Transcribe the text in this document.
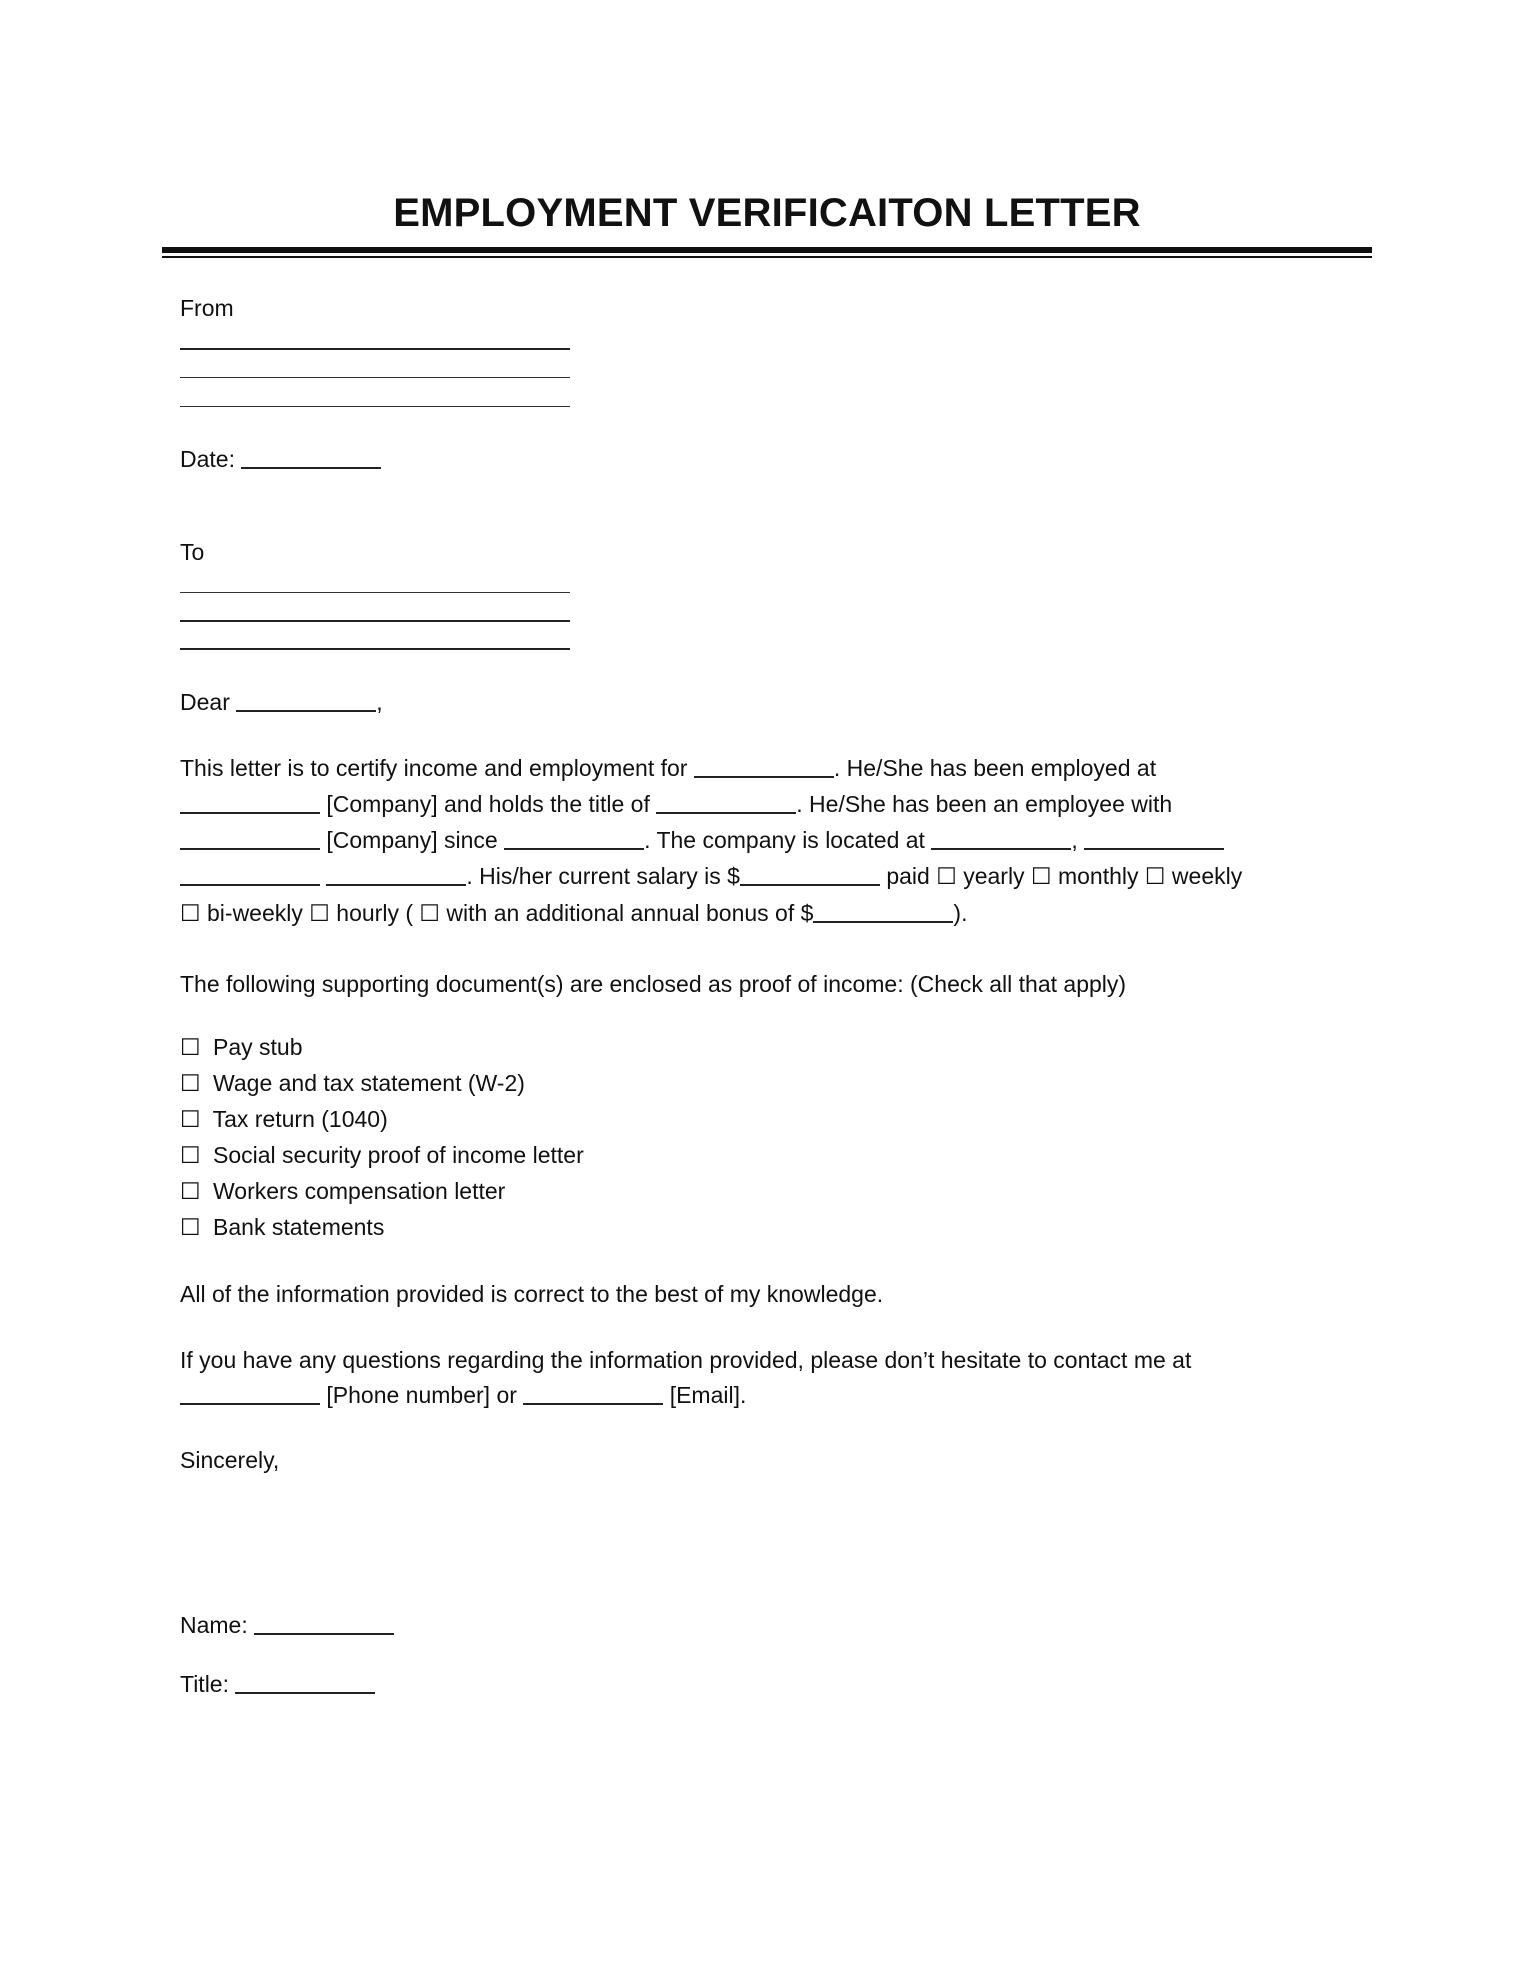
EMPLOYMENT VERIFICAITON LETTER
From
Date:
To
Dear	,
This letter is to certify income and employment for	. He/She has been employed at
[Company] and holds the title of	. He/She has been an employee with
[Company] since	. The company is located at	,
. His/her current salary is $	paid ☐ yearly ☐ monthly ☐ weekly
☐ bi-weekly ☐ hourly ( ☐ with an additional annual bonus of $	).
The following supporting document(s) are enclosed as proof of income: (Check all that apply)
☐ Pay stub
☐ Wage and tax statement (W-2)
☐ Tax return (1040)
☐ Social security proof of income letter
☐ Workers compensation letter
☐ Bank statements
All of the information provided is correct to the best of my knowledge.
If you have any questions regarding the information provided, please don’t hesitate to contact me at
[Phone number] or	[Email].
Sincerely,
Name:
Title:
